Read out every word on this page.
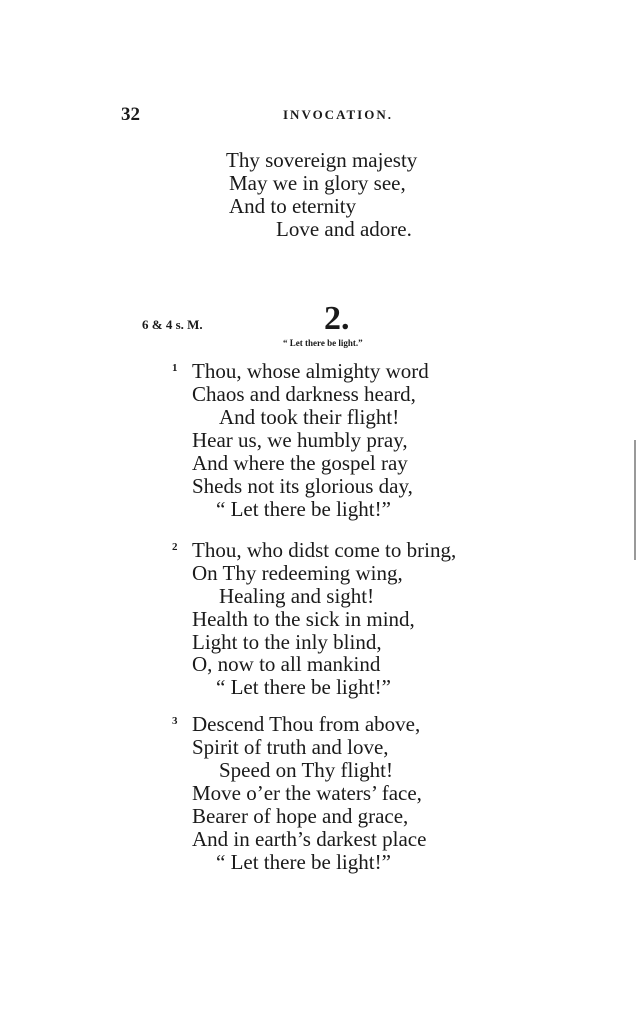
32	INVOCATION.
Thy sovereign majesty
May we in glory see,
And to eternity
Love and adore.
6 & 4 s. M.	2.
“ Let there be light.”
1 Thou, whose almighty word
Chaos and darkness heard,
And took their flight!
Hear us, we humbly pray,
And where the gospel ray
Sheds not its glorious day,
“ Let there be light!”
2 Thou, who didst come to bring,
On Thy redeeming wing,
Healing and sight!
Health to the sick in mind,
Light to the inly blind,
O, now to all mankind
“ Let there be light!”
3 Descend Thou from above,
Spirit of truth and love,
Speed on Thy flight!
Move o’er the waters’ face,
Bearer of hope and grace,
And in earth’s darkest place
“ Let there be light!”
